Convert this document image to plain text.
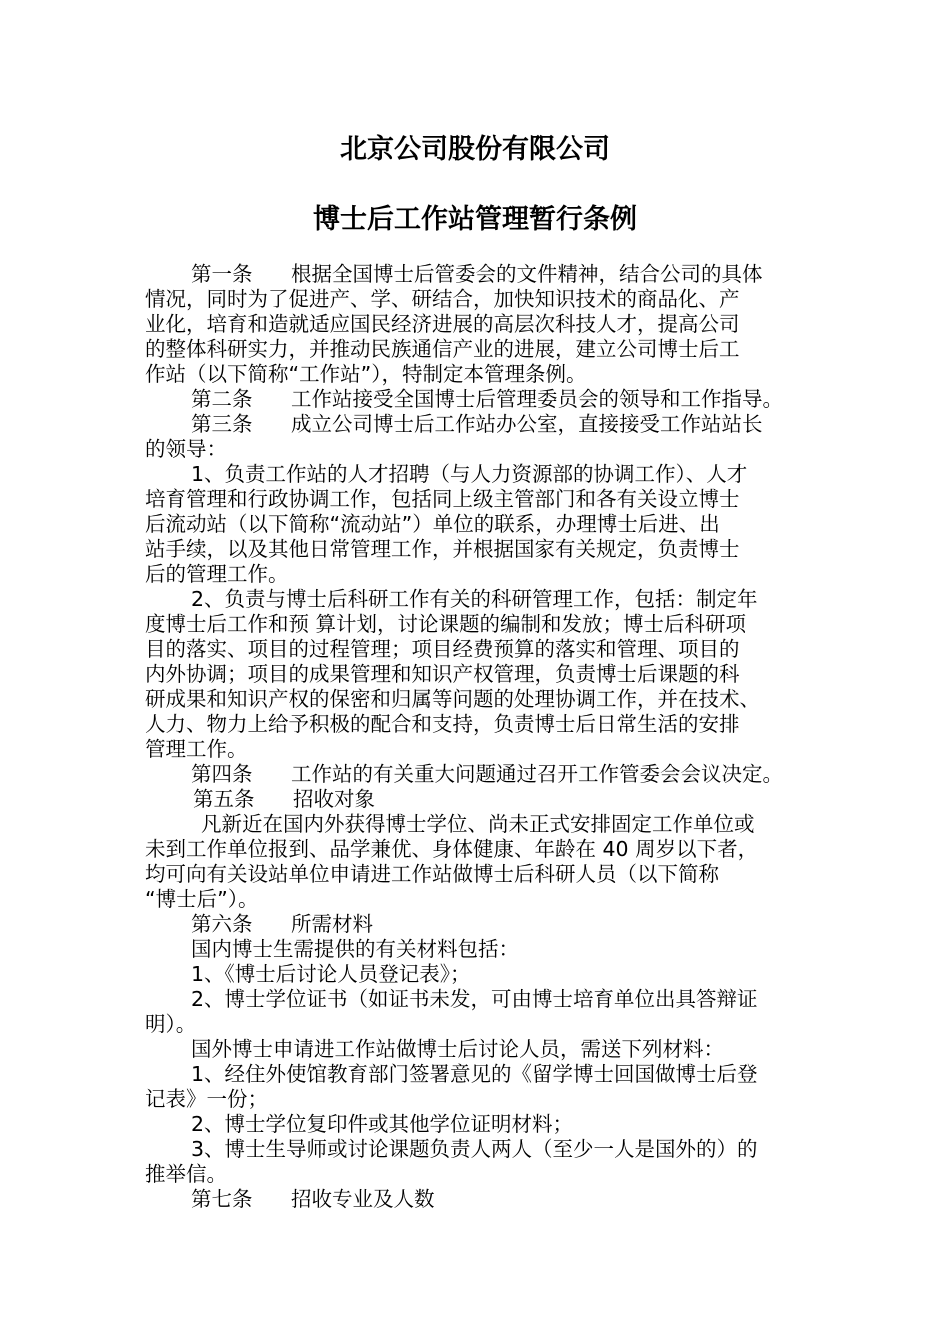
北京公司股份有限公司
博士后工作站管理暂行条例
第一条 根据全国博士后管委会的文件精神，结合公司的具体
情况，同时为了促进产、学、研结合，加快知识技术的商品化、产
业化，培育和造就适应国民经济进展的高层次科技人才，提高公司
的整体科研实力，并推动民族通信产业的进展，建立公司博士后工
作站（以下简称“工作站”），特制定本管理条例。
第二条 工作站接受全国博士后管理委员会的领导和工作指导。
第三条 成立公司博士后工作站办公室，直接接受工作站站长
的领导：
1、负责工作站的人才招聘（与人力资源部的协调工作）、人才
培育管理和行政协调工作，包括同上级主管部门和各有关设立博士
后流动站（以下简称“流动站”）单位的联系，办理博士后进、出
站手续，以及其他日常管理工作，并根据国家有关规定，负责博士
后的管理工作。
2、负责与博士后科研工作有关的科研管理工作，包括：制定年
度博士后工作和预 算计划，讨论课题的编制和发放；博士后科研项
目的落实、项目的过程管理；项目经费预算的落实和管理、项目的
内外协调；项目的成果管理和知识产权管理，负责博士后课题的科
研成果和知识产权的保密和归属等问题的处理协调工作，并在技术、
人力、物力上给予积极的配合和支持，负责博士后日常生活的安排
管理工作。
第四条 工作站的有关重大问题通过召开工作管委会会议决定。
第五条 招收对象
凡新近在国内外获得博士学位、尚未正式安排固定工作单位或
未到工作单位报到、品学兼优、身体健康、年龄在 40 周岁以下者，
均可向有关设站单位申请进工作站做博士后科研人员（以下简称
“博士后”）。
第六条 所需材料
国内博士生需提供的有关材料包括：
1、《博士后讨论人员登记表》；
2、博士学位证书（如证书未发，可由博士培育单位出具答辩证
明）。
国外博士申请进工作站做博士后讨论人员，需送下列材料：
1、经住外使馆教育部门签署意见的《留学博士回国做博士后登
记表》一份；
2、博士学位复印件或其他学位证明材料；
3、博士生导师或讨论课题负责人两人（至少一人是国外的）的
推举信。
第七条 招收专业及人数
